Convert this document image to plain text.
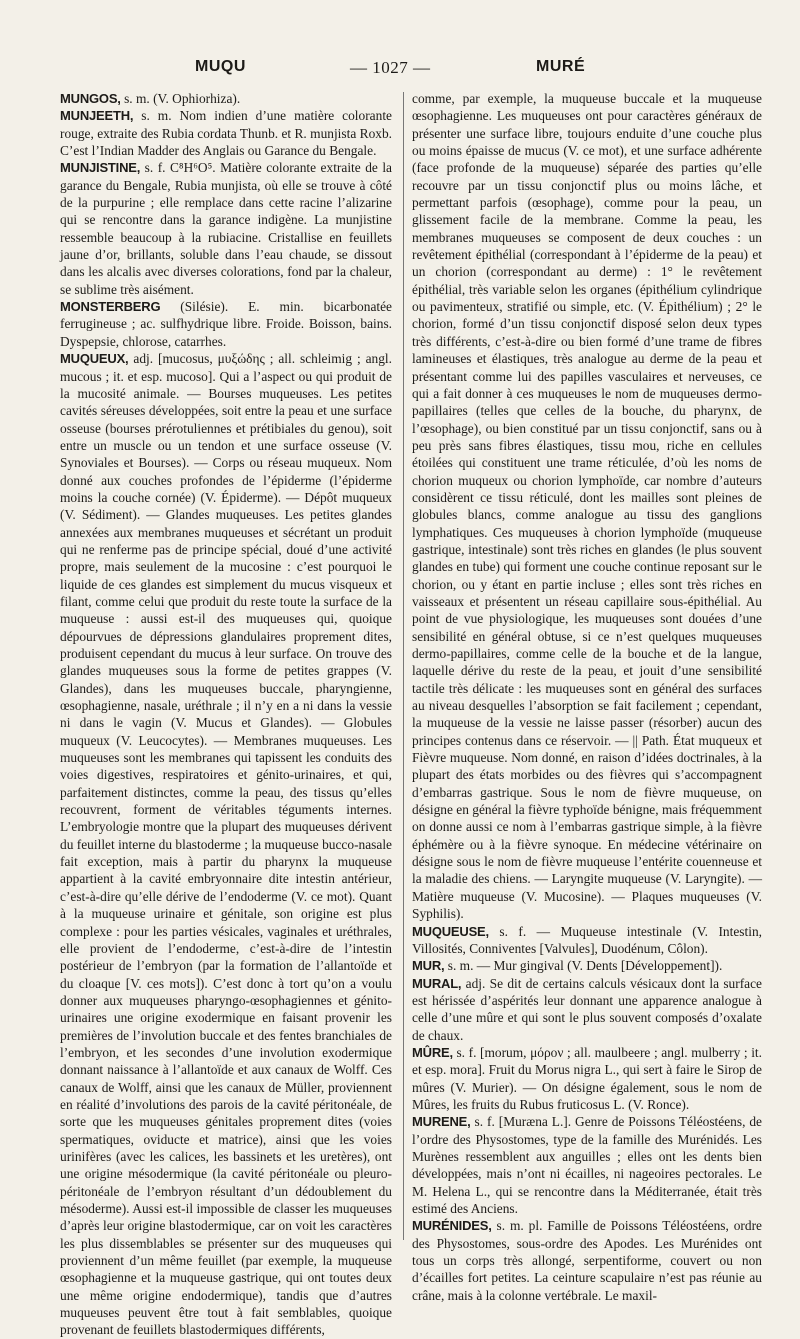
MUQU	— 1027 —	MURÉ

MUNGOS, s. m. (V. Ophiorhiza).

MUNJEETH, s. m. Nom indien d’une matière colorante rouge, extraite des Rubia cordata Thunb. et R. munjista Roxb. C’est l’Indian Madder des Anglais ou Garance du Bengale.

MUNJISTINE, s. f. C⁸H⁶O⁵. Matière colorante extraite de la garance du Bengale, Rubia munjista, où elle se trouve à côté de la purpurine ; elle remplace dans cette racine l’alizarine qui se rencontre dans la garance indigène. La munjistine ressemble beaucoup à la rubiacine. Cristallise en feuillets jaune d’or, brillants, soluble dans l’eau chaude, se dissout dans les alcalis avec diverses colorations, fond par la chaleur, se sublime très aisément.

MONSTERBERG (Silésie). E. min. bicarbonatée ferrugineuse ; ac. sulfhydrique libre. Froide. Boisson, bains. Dyspepsie, chlorose, catarrhes.

MUQUEUX, adj. [mucosus, μυξώδης ; all. schleimig ; angl. mucous ; it. et esp. mucoso]. Qui a l’aspect ou qui produit de la mucosité animale. — Bourses muqueuses. Les petites cavités séreuses développées, soit entre la peau et une surface osseuse (bourses prérotuliennes et prétibiales du genou), soit entre un muscle ou un tendon et une surface osseuse (V. Synoviales et Bourses). — Corps ou réseau muqueux. Nom donné aux couches profondes de l’épiderme (l’épiderme moins la couche cornée) (V. Épiderme). — Dépôt muqueux (V. Sédiment). — Glandes muqueuses. Les petites glandes annexées aux membranes muqueuses et sécrétant un produit qui ne renferme pas de principe spécial, doué d’une activité propre, mais seulement de la mucosine : c’est pourquoi le liquide de ces glandes est simplement du mucus visqueux et filant, comme celui que produit du reste toute la surface de la muqueuse : aussi est-il des muqueuses qui, quoique dépourvues de dépressions glandulaires proprement dites, produisent cependant du mucus à leur surface. On trouve des glandes muqueuses sous la forme de petites grappes (V. Glandes), dans les muqueuses buccale, pharyngienne, œsophagienne, nasale, uréthrale ; il n’y en a ni dans la vessie ni dans le vagin (V. Mucus et Glandes). — Globules muqueux (V. Leucocytes). — Membranes muqueuses. Les muqueuses sont les membranes qui tapissent les conduits des voies digestives, respiratoires et génito-urinaires, et qui, parfaitement distinctes, comme la peau, des tissus qu’elles recouvrent, forment de véritables téguments internes. L’embryologie montre que la plupart des muqueuses dérivent du feuillet interne du blastoderme ; la muqueuse bucco-nasale fait exception, mais à partir du pharynx la muqueuse appartient à la cavité embryonnaire dite intestin antérieur, c’est-à-dire qu’elle dérive de l’endoderme (V. ce mot). Quant à la muqueuse urinaire et génitale, son origine est plus complexe : pour les parties vésicales, vaginales et uréthrales, elle provient de l’endoderme, c’est-à-dire de l’intestin postérieur de l’embryon (par la formation de l’allantoïde et du cloaque [V. ces mots]). C’est donc à tort qu’on a voulu donner aux muqueuses pharyngo-œsophagiennes et génito-urinaires une origine exodermique en faisant provenir les premières de l’involution buccale et des fentes branchiales de l’embryon, et les secondes d’une involution exodermique donnant naissance à l’allantoïde et aux canaux de Wolff. Ces canaux de Wolff, ainsi que les canaux de Müller, proviennent en réalité d’involutions des parois de la cavité péritonéale, de sorte que les muqueuses génitales proprement dites (voies spermatiques, oviducte et matrice), ainsi que les voies urinifères (avec les calices, les bassinets et les uretères), ont une origine mésodermique (la cavité péritonéale ou pleuro-péritonéale de l’embryon résultant d’un dédoublement du mésoderme). Aussi est-il impossible de classer les muqueuses d’après leur origine blastodermique, car on voit les caractères les plus dissemblables se présenter sur des muqueuses qui proviennent d’un même feuillet (par exemple, la muqueuse œsophagienne et la muqueuse gastrique, qui ont toutes deux une même origine endodermique), tandis que d’autres muqueuses peuvent être tout à fait semblables, quoique provenant de feuillets blastodermiques différents,

comme, par exemple, la muqueuse buccale et la muqueuse œsophagienne. Les muqueuses ont pour caractères généraux de présenter une surface libre, toujours enduite d’une couche plus ou moins épaisse de mucus (V. ce mot), et une surface adhérente (face profonde de la muqueuse) séparée des parties qu’elle recouvre par un tissu conjonctif plus ou moins lâche, et permettant parfois (œsophage), comme pour la peau, un glissement facile de la membrane. Comme la peau, les membranes muqueuses se composent de deux couches : un revêtement épithélial (correspondant à l’épiderme de la peau) et un chorion (correspondant au derme) : 1° le revêtement épithélial, très variable selon les organes (épithélium cylindrique ou pavimenteux, stratifié ou simple, etc. (V. Épithélium) ; 2° le chorion, formé d’un tissu conjonctif disposé selon deux types très différents, c’est-à-dire ou bien formé d’une trame de fibres lamineuses et élastiques, très analogue au derme de la peau et présentant comme lui des papilles vasculaires et nerveuses, ce qui a fait donner à ces muqueuses le nom de muqueuses dermo-papillaires (telles que celles de la bouche, du pharynx, de l’œsophage), ou bien constitué par un tissu conjonctif, sans ou à peu près sans fibres élastiques, tissu mou, riche en cellules étoilées qui constituent une trame réticulée, d’où les noms de chorion muqueux ou chorion lymphoïde, car nombre d’auteurs considèrent ce tissu réticulé, dont les mailles sont pleines de globules blancs, comme analogue au tissu des ganglions lymphatiques. Ces muqueuses à chorion lymphoïde (muqueuse gastrique, intestinale) sont très riches en glandes (le plus souvent glandes en tube) qui forment une couche continue reposant sur le chorion, ou y étant en partie incluse ; elles sont très riches en vaisseaux et présentent un réseau capillaire sous-épithélial. Au point de vue physiologique, les muqueuses sont douées d’une sensibilité en général obtuse, si ce n’est quelques muqueuses dermo-papillaires, comme celle de la bouche et de la langue, laquelle dérive du reste de la peau, et jouit d’une sensibilité tactile très délicate : les muqueuses sont en général des surfaces au niveau desquelles l’absorption se fait facilement ; cependant, la muqueuse de la vessie ne laisse passer (résorber) aucun des principes contenus dans ce réservoir. — || Path. État muqueux et Fièvre muqueuse. Nom donné, en raison d’idées doctrinales, à la plupart des états morbides ou des fièvres qui s’accompagnent d’embarras gastrique. Sous le nom de fièvre muqueuse, on désigne en général la fièvre typhoïde bénigne, mais fréquemment on donne aussi ce nom à l’embarras gastrique simple, à la fièvre éphémère ou à la fièvre synoque. En médecine vétérinaire on désigne sous le nom de fièvre muqueuse l’entérite couenneuse et la maladie des chiens. — Laryngite muqueuse (V. Laryngite). — Matière muqueuse (V. Mucosine). — Plaques muqueuses (V. Syphilis).

MUQUEUSE, s. f. — Muqueuse intestinale (V. Intestin, Villosités, Conniventes [Valvules], Duodénum, Côlon).

MUR, s. m. — Mur gingival (V. Dents [Développement]).

MURAL, adj. Se dit de certains calculs vésicaux dont la surface est hérissée d’aspérités leur donnant une apparence analogue à celle d’une mûre et qui sont le plus souvent composés d’oxalate de chaux.

MÛRE, s. f. [morum, μόρον ; all. maulbeere ; angl. mulberry ; it. et esp. mora]. Fruit du Morus nigra L., qui sert à faire le Sirop de mûres (V. Murier). — On désigne également, sous le nom de Mûres, les fruits du Rubus fruticosus L. (V. Ronce).

MURENE, s. f. [Muræna L.]. Genre de Poissons Téléostéens, de l’ordre des Physostomes, type de la famille des Murénidés. Les Murènes ressemblent aux anguilles ; elles ont les dents bien développées, mais n’ont ni écailles, ni nageoires pectorales. Le M. Helena L., qui se rencontre dans la Méditerranée, était très estimé des Anciens.

MURÉNIDES, s. m. pl. Famille de Poissons Téléostéens, ordre des Physostomes, sous-ordre des Apodes. Les Murénides ont tous un corps très allongé, serpentiforme, couvert ou non d’écailles fort petites. La ceinture scapulaire n’est pas réunie au crâne, mais à la colonne vertébrale. Le maxil-
